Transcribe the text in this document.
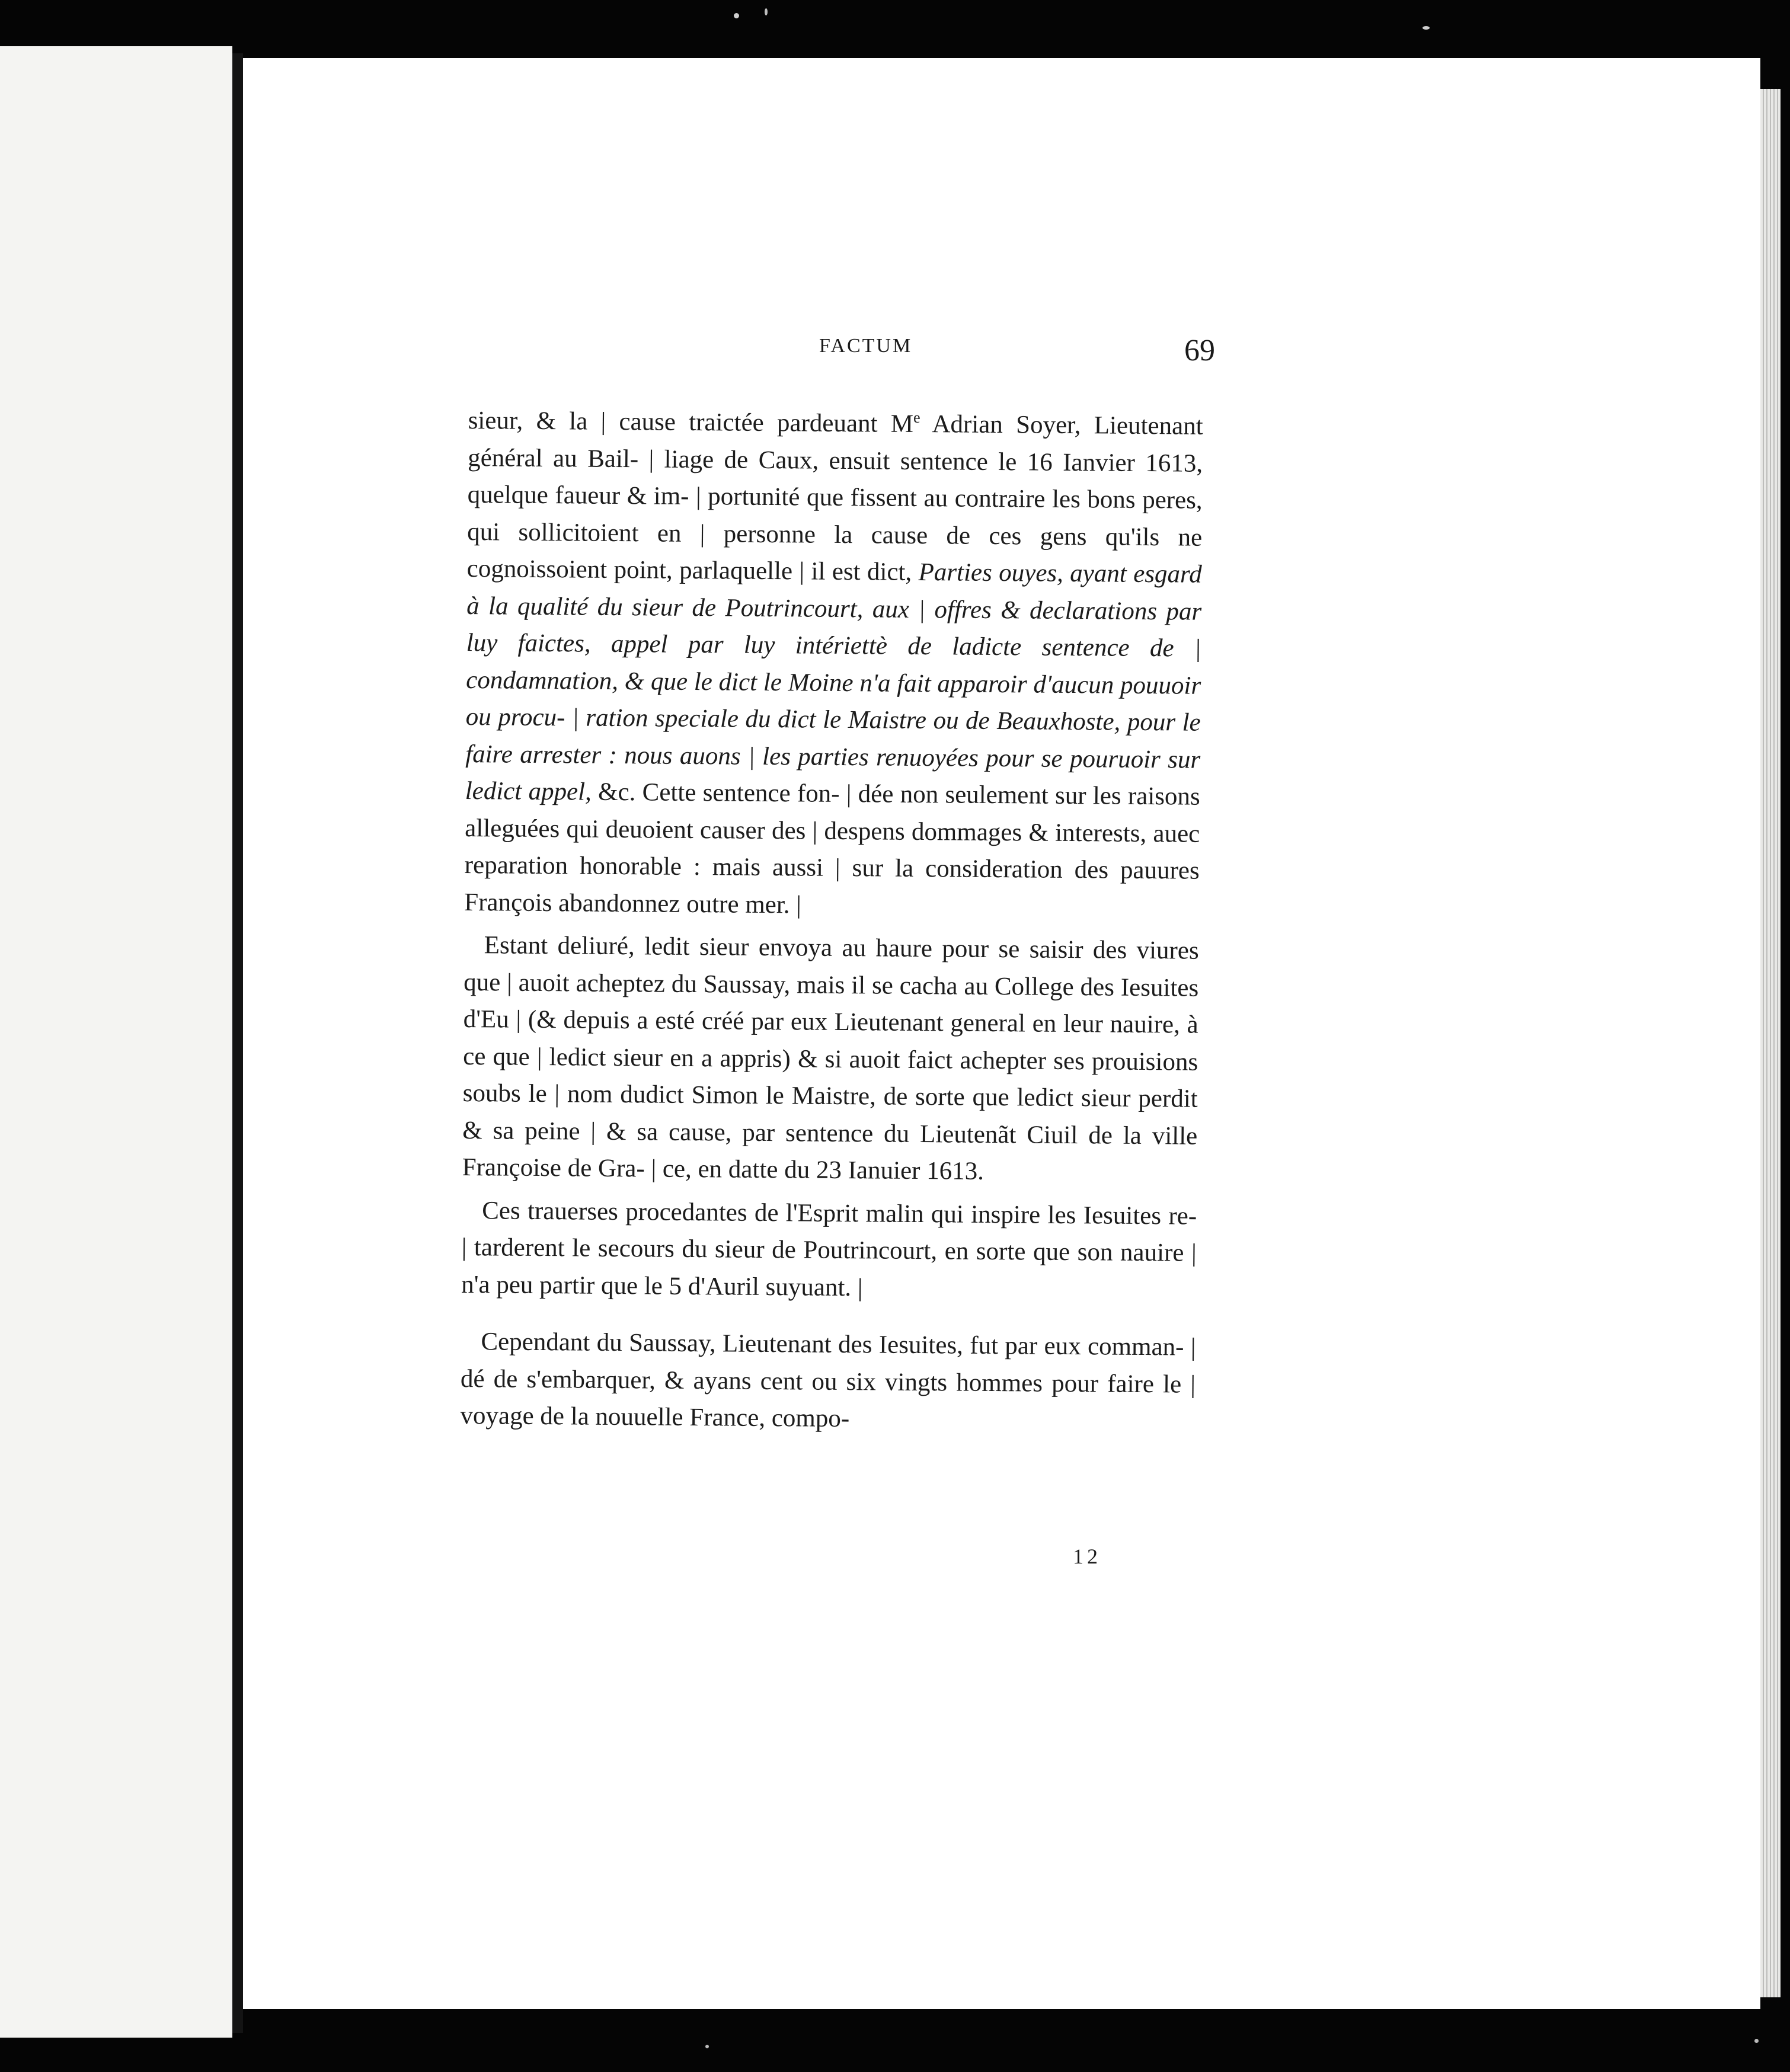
FACTUM	69

sieur, & la | cause traictée pardeuant Me Adrian Soyer, Lieutenant général au Bail- | liage de Caux, ensuit sentence le 16 Ianvier 1613, quelque faueur & im- | portunité que fissent au contraire les bons peres, qui sollicitoient en | personne la cause de ces gens qu'ils ne cognoissoient point, parlaquelle | il est dict, Parties ouyes, ayant esgard à la qualité du sieur de Poutrincourt, aux | offres & declarations par luy faictes, appel par luy intériettè de ladicte sentence de | condamnation, & que le dict le Moine n'a fait apparoir d'aucun pouuoir ou procu- | ration speciale du dict le Maistre ou de Beauxhoste, pour le faire arrester : nous auons | les parties renuoyées pour se pouruoir sur ledict appel, &c. Cette sentence fon- | dée non seulement sur les raisons alleguées qui deuoient causer des | despens dommages & interests, auec reparation honorable : mais aussi | sur la consideration des pauures François abandonnez outre mer. |

Estant deliuré, ledit sieur envoya au haure pour se saisir des viures que | auoit acheptez du Saussay, mais il se cacha au College des Iesuites d'Eu | (& depuis a esté créé par eux Lieutenant general en leur nauire, à ce que | ledict sieur en a appris) & si auoit faict achepter ses prouisions soubs le | nom dudict Simon le Maistre, de sorte que ledict sieur perdit & sa peine | & sa cause, par sentence du Lieutenãt Ciuil de la ville Françoise de Gra- | ce, en datte du 23 Ianuier 1613.

Ces trauerses procedantes de l'Esprit malin qui inspire les Iesuites re- | tarderent le secours du sieur de Poutrincourt, en sorte que son nauire | n'a peu partir que le 5 d'Auril suyuant. |

Cependant du Saussay, Lieutenant des Iesuites, fut par eux comman- | dé de s'embarquer, & ayans cent ou six vingts hommes pour faire le | voyage de la nouuelle France, compo-

12
